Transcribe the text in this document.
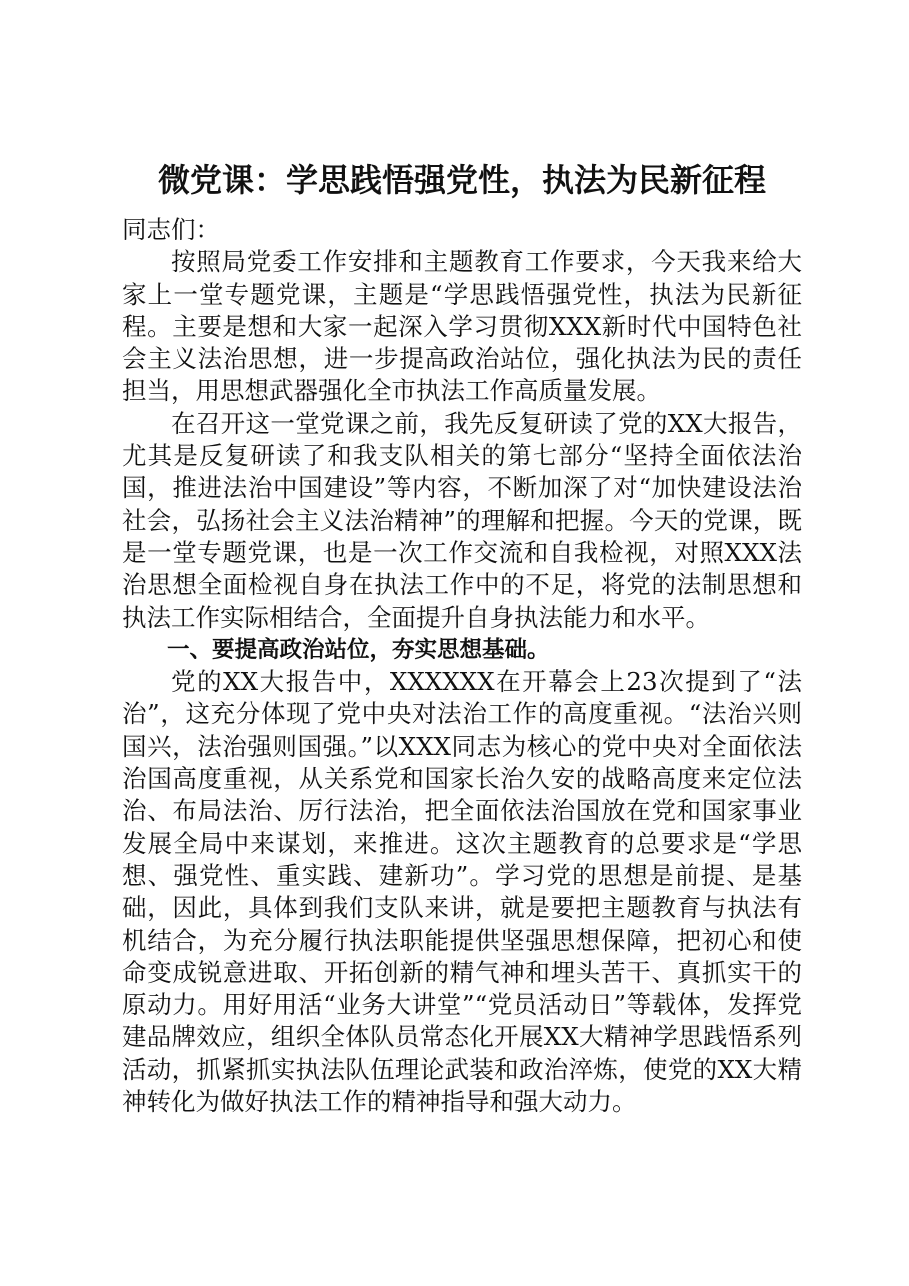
微党课：学思践悟强党性，执法为民新征程

同志们：

按照局党委工作安排和主题教育工作要求，今天我来给大家上一堂专题党课，主题是“学思践悟强党性，执法为民新征程。主要是想和大家一起深入学习贯彻XXX新时代中国特色社会主义法治思想，进一步提高政治站位，强化执法为民的责任担当，用思想武器强化全市执法工作高质量发展。

在召开这一堂党课之前，我先反复研读了党的XX大报告，尤其是反复研读了和我支队相关的第七部分“坚持全面依法治国，推进法治中国建设”等内容，不断加深了对“加快建设法治社会，弘扬社会主义法治精神”的理解和把握。今天的党课，既是一堂专题党课，也是一次工作交流和自我检视，对照XXX法治思想全面检视自身在执法工作中的不足，将党的法制思想和执法工作实际相结合，全面提升自身执法能力和水平。

一、要提高政治站位，夯实思想基础。

党的XX大报告中，XXXXXX在开幕会上23次提到了“法治”，这充分体现了党中央对法治工作的高度重视。“法治兴则国兴，法治强则国强。”以XXX同志为核心的党中央对全面依法治国高度重视，从关系党和国家长治久安的战略高度来定位法治、布局法治、厉行法治，把全面依法治国放在党和国家事业发展全局中来谋划，来推进。这次主题教育的总要求是“学思想、强党性、重实践、建新功”。学习党的思想是前提、是基础，因此，具体到我们支队来讲，就是要把主题教育与执法有机结合，为充分履行执法职能提供坚强思想保障，把初心和使命变成锐意进取、开拓创新的精气神和埋头苦干、真抓实干的原动力。用好用活“业务大讲堂”“党员活动日”等载体，发挥党建品牌效应，组织全体队员常态化开展XX大精神学思践悟系列活动，抓紧抓实执法队伍理论武装和政治淬炼，使党的XX大精神转化为做好执法工作的精神指导和强大动力。
